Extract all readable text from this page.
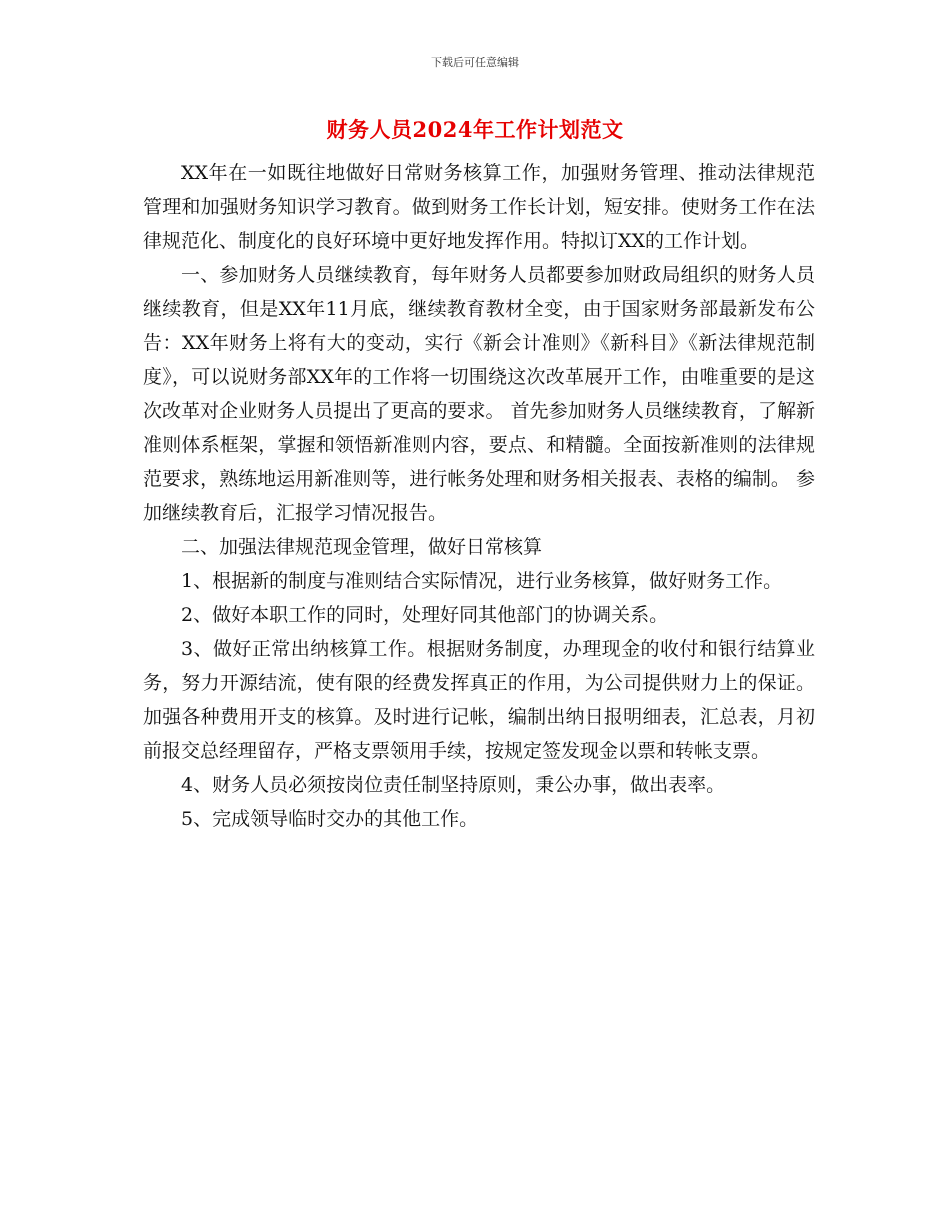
下载后可任意编辑
财务人员2024年工作计划范文

XX年在一如既往地做好日常财务核算工作，加强财务管理、推动法律规范管理和加强财务知识学习教育。做到财务工作长计划，短安排。使财务工作在法律规范化、制度化的良好环境中更好地发挥作用。特拟订XX的工作计划。

一、参加财务人员继续教育，每年财务人员都要参加财政局组织的财务人员继续教育，但是XX年11月底，继续教育教材全变，由于国家财务部最新发布公告：XX年财务上将有大的变动，实行《新会计准则》《新科目》《新法律规范制度》，可以说财务部XX年的工作将一切围绕这次改革展开工作，由唯重要的是这次改革对企业财务人员提出了更高的要求。 首先参加财务人员继续教育，了解新准则体系框架，掌握和领悟新准则内容，要点、和精髓。全面按新准则的法律规范要求，熟练地运用新准则等，进行帐务处理和财务相关报表、表格的编制。 参加继续教育后，汇报学习情况报告。

二、加强法律规范现金管理，做好日常核算

1、根据新的制度与准则结合实际情况，进行业务核算，做好财务工作。

2、做好本职工作的同时，处理好同其他部门的协调关系。

3、做好正常出纳核算工作。根据财务制度，办理现金的收付和银行结算业务，努力开源结流，使有限的经费发挥真正的作用，为公司提供财力上的保证。加强各种费用开支的核算。及时进行记帐，编制出纳日报明细表，汇总表，月初前报交总经理留存，严格支票领用手续，按规定签发现金以票和转帐支票。

4、财务人员必须按岗位责任制坚持原则，秉公办事，做出表率。

5、完成领导临时交办的其他工作。
